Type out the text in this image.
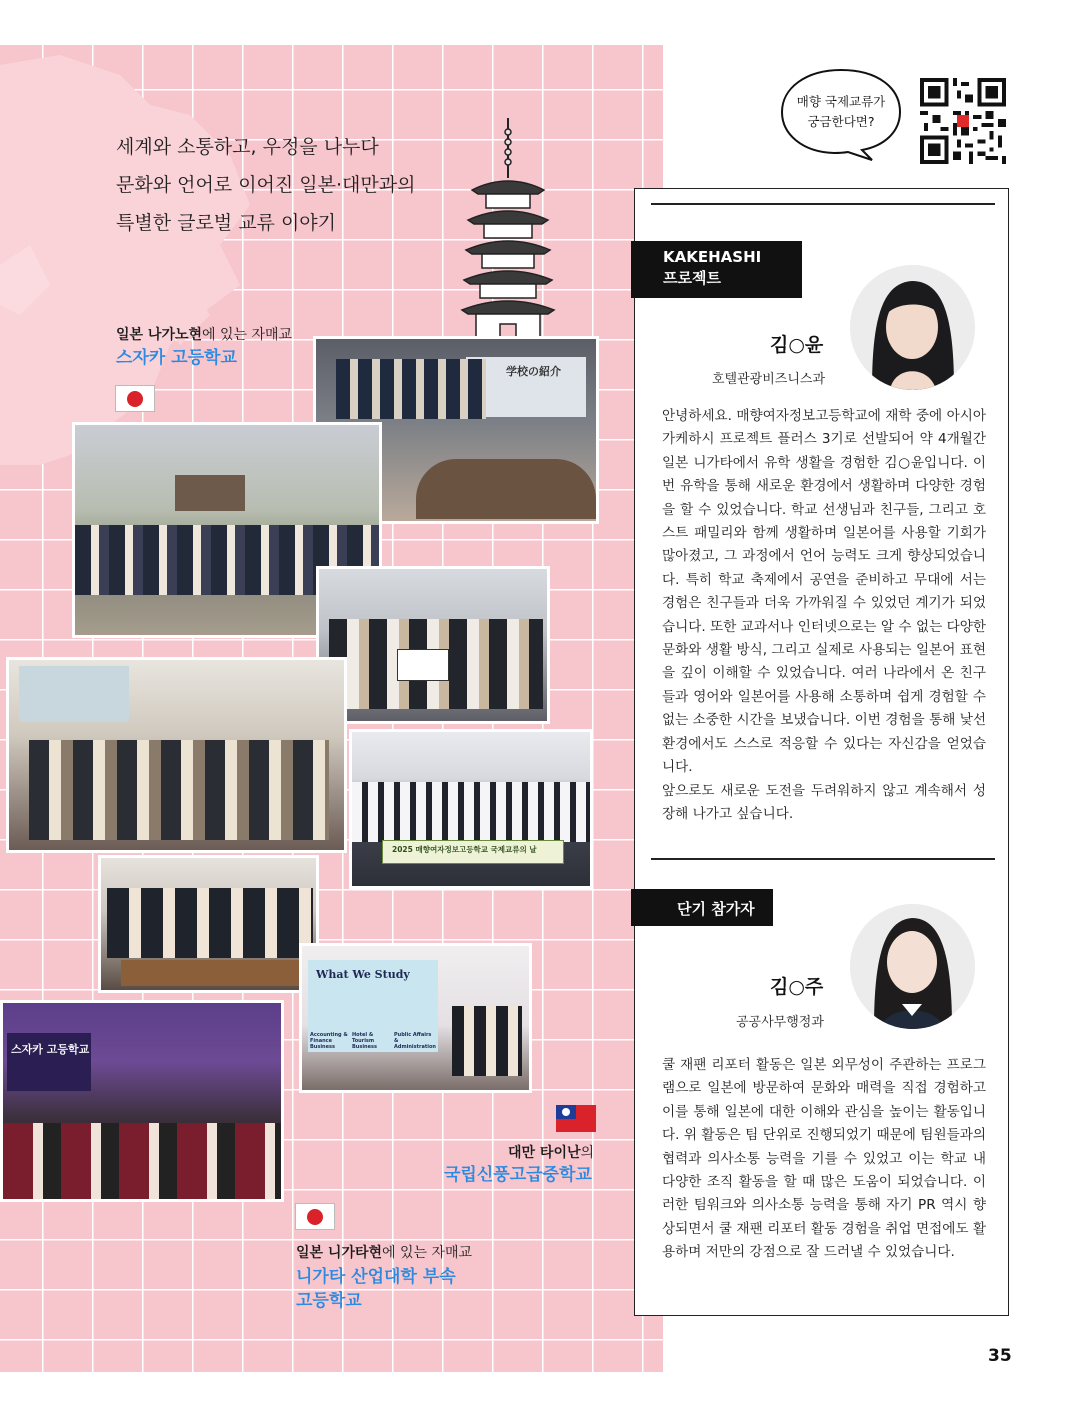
세계와 소통하고, 우정을 나누다
문화와 언어로 이어진 일본·대만과의
특별한 글로벌 교류 이야기
일본 나가노현에 있는 자매교
스자카 고등학교
学校の紹介
2025 매향여자정보고등학교 국제교류의 날
What We Study
Accounting & Finance Business
Hotel & Tourism Business
Public Affairs & Administration
스자카 고등학교
대만 타이난의
국립신풍고급중학교
일본 니가타현에 있는 자매교
니가타 산업대학 부속
고등학교
매향 국제교류가
궁금한다면?
KAKEHASHI
프로젝트
김○윤
호텔관광비즈니스과
안녕하세요. 매향여자정보고등학교에 재학 중에 아시아 가케하시 프로젝트 플러스 3기로 선발되어 약 4개월간 일본 니가타에서 유학 생활을 경험한 김○윤입니다. 이번 유학을 통해 새로운 환경에서 생활하며 다양한 경험을 할 수 있었습니다. 학교 선생님과 친구들, 그리고 호스트 패밀리와 함께 생활하며 일본어를 사용할 기회가 많아졌고, 그 과정에서 언어 능력도 크게 향상되었습니다. 특히 학교 축제에서 공연을 준비하고 무대에 서는 경험은 친구들과 더욱 가까워질 수 있었던 계기가 되었습니다. 또한 교과서나 인터넷으로는 알 수 없는 다양한 문화와 생활 방식, 그리고 실제로 사용되는 일본어 표현을 깊이 이해할 수 있었습니다. 여러 나라에서 온 친구들과 영어와 일본어를 사용해 소통하며 쉽게 경험할 수 없는 소중한 시간을 보냈습니다. 이번 경험을 통해 낯선 환경에서도 스스로 적응할 수 있다는 자신감을 얻었습니다.
앞으로도 새로운 도전을 두려워하지 않고 계속해서 성장해 나가고 싶습니다.
단기 참가자
김○주
공공사무행정과
쿨 재팬 리포터 활동은 일본 외무성이 주관하는 프로그램으로 일본에 방문하여 문화와 매력을 직접 경험하고 이를 통해 일본에 대한 이해와 관심을 높이는 활동입니다. 위 활동은 팀 단위로 진행되었기 때문에 팀원들과의 협력과 의사소통 능력을 기를 수 있었고 이는 학교 내 다양한 조직 활동을 할 때 많은 도움이 되었습니다. 이러한 팀워크와 의사소통 능력을 통해 자기 PR 역시 향상되면서 쿨 재팬 리포터 활동 경험을 취업 면접에도 활용하며 저만의 강점으로 잘 드러낼 수 있었습니다.
35
